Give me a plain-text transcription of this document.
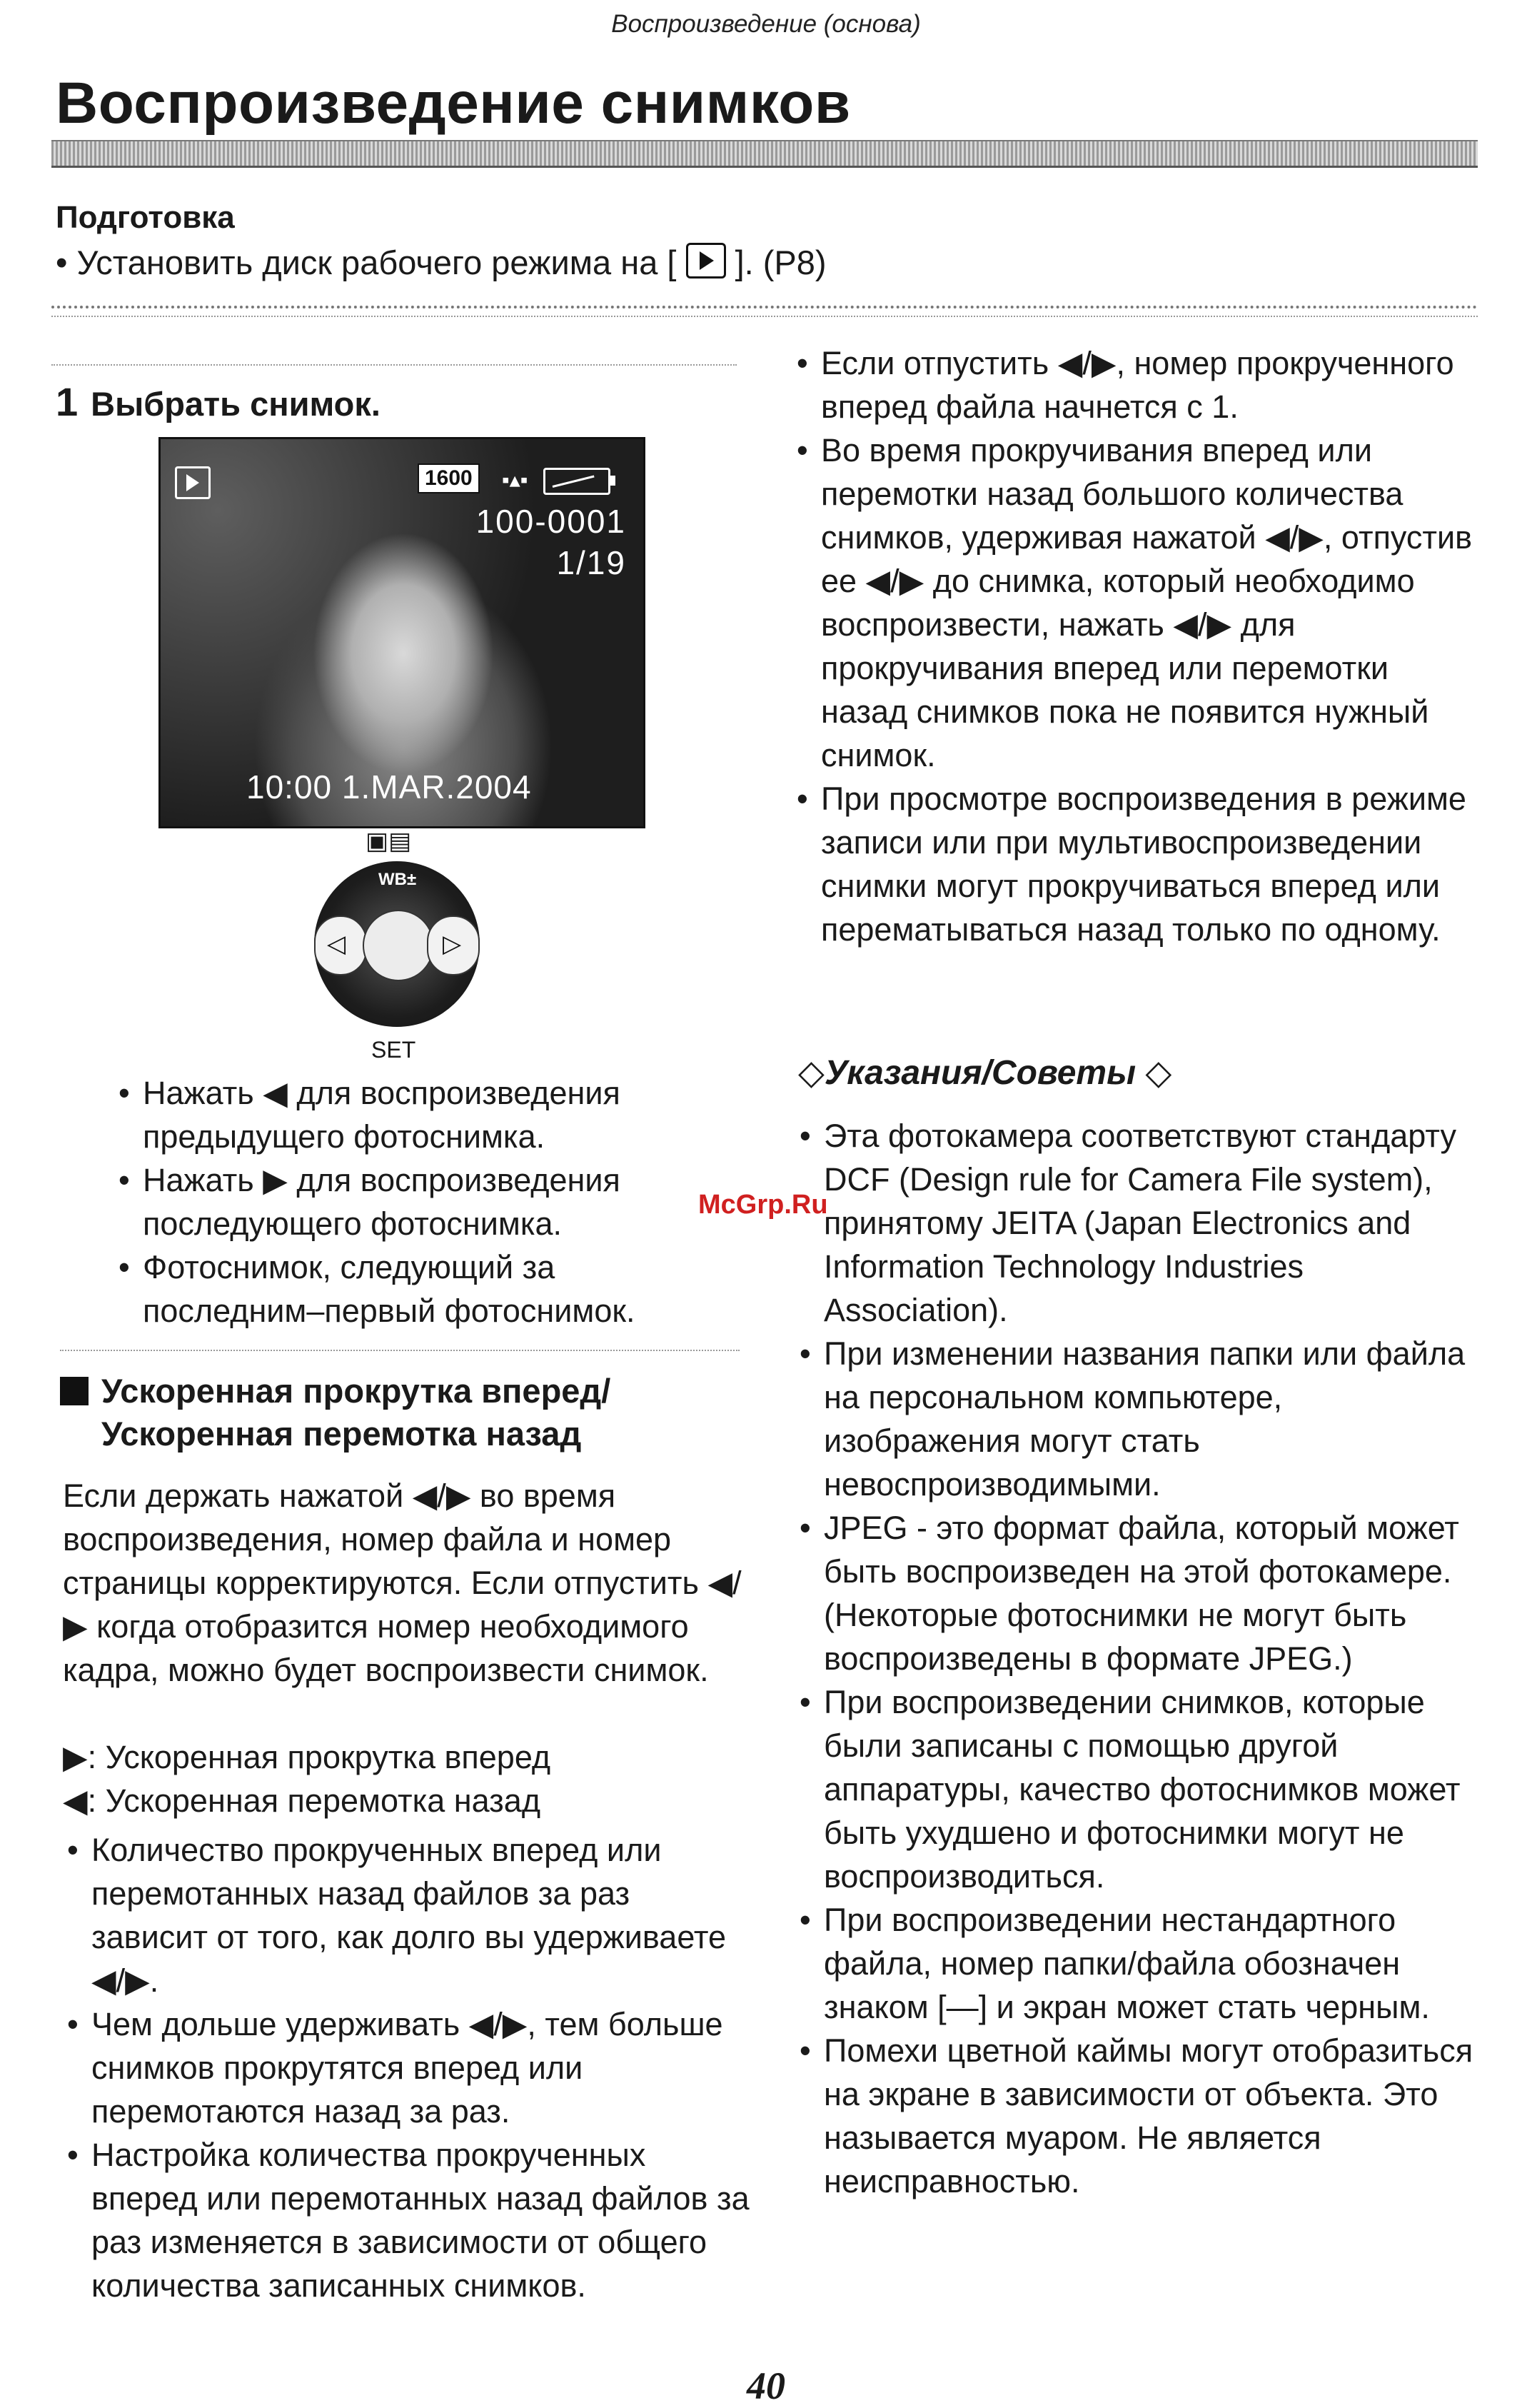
Воспроизведение (основа)
Воспроизведение снимков
Подготовка
• Установить диск рабочего режима на [ ]. (P8)
1 Выбрать снимок.
1600	▪▴▪
100-0001
1/19
10:00 1.MAR.2004
▣▤
WB±
◁	▷
SET
• Нажать ◀ для воспроизведения предыдущего фотоснимка.
• Нажать ▶ для воспроизведения последующего фотоснимка.
• Фотоснимок, следующий за последним–первый фотоснимок.
Ускоренная прокрутка вперед/
Ускоренная перемотка назад
Если держать нажатой ◀/▶ во время воспроизведения, номер файла и номер страницы корректируются. Если отпустить ◀/▶ когда отобразится номер необходимого кадра, можно будет воспроизвести снимок.
▶: Ускоренная прокрутка вперед
◀: Ускоренная перемотка назад
• Количество прокрученных вперед или перемотанных назад файлов за раз зависит от того, как долго вы удерживаете ◀/▶.
• Чем дольше удерживать ◀/▶, тем больше снимков прокрутятся вперед или перемотаются назад за раз.
• Настройка количества прокрученных вперед или перемотанных назад файлов за раз изменяется в зависимости от общего количества записанных снимков.
• Если отпустить ◀/▶, номер прокрученного вперед файла начнется с 1.
• Во время прокручивания вперед или перемотки назад большого количества снимков, удерживая нажатой ◀/▶, отпустив ее ◀/▶ до снимка, который необходимо воспроизвести, нажать ◀/▶ для прокручивания вперед или перемотки назад снимков пока не появится нужный снимок.
• При просмотре воспроизведения в режиме записи или при мультивоспроизведении снимки могут прокручиваться вперед или перематываться назад только по одному.
◇Указания/Советы ◇
• Эта фотокамера соответствуют стандарту DCF (Design rule for Camera File system), принятому JEITA (Japan Electronics and Information Technology Industries Association).
• При изменении названия папки или файла на персональном компьютере, изображения могут стать невоспроизводимыми.
• JPEG - это формат файла, который может быть воспроизведен на этой фотокамере. (Некоторые фотоснимки не могут быть воспроизведены в формате JPEG.)
• При воспроизведении снимков, которые были записаны с помощью другой аппаратуры, качество фотоснимков может быть ухудшено и фотоснимки могут не воспроизводиться.
• При воспроизведении нестандартного файла, номер папки/файла обозначен знаком [—] и экран может стать черным.
• Помехи цветной каймы могут отобразиться на экране в зависимости от объекта. Это называется муаром. Не является неисправностью.
McGrp.Ru
40
